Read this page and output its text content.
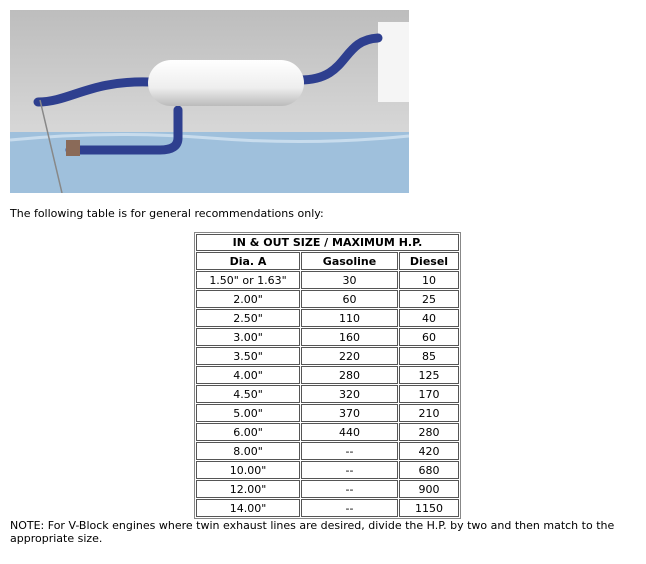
The following table is for general recommendations only:

IN & OUT SIZE / MAXIMUM H.P.		
Dia. A	Gasoline	Diesel
1.50" or 1.63"	30	10
2.00"	60	25
2.50"	110	40
3.00"	160	60
3.50"	220	85
4.00"	280	125
4.50"	320	170
5.00"	370	210
6.00"	440	280
8.00"	--	420
10.00"	--	680
12.00"	--	900
14.00"	--	1150

NOTE: For V-Block engines where twin exhaust lines are desired, divide the H.P. by two and then match to the appropriate size.
